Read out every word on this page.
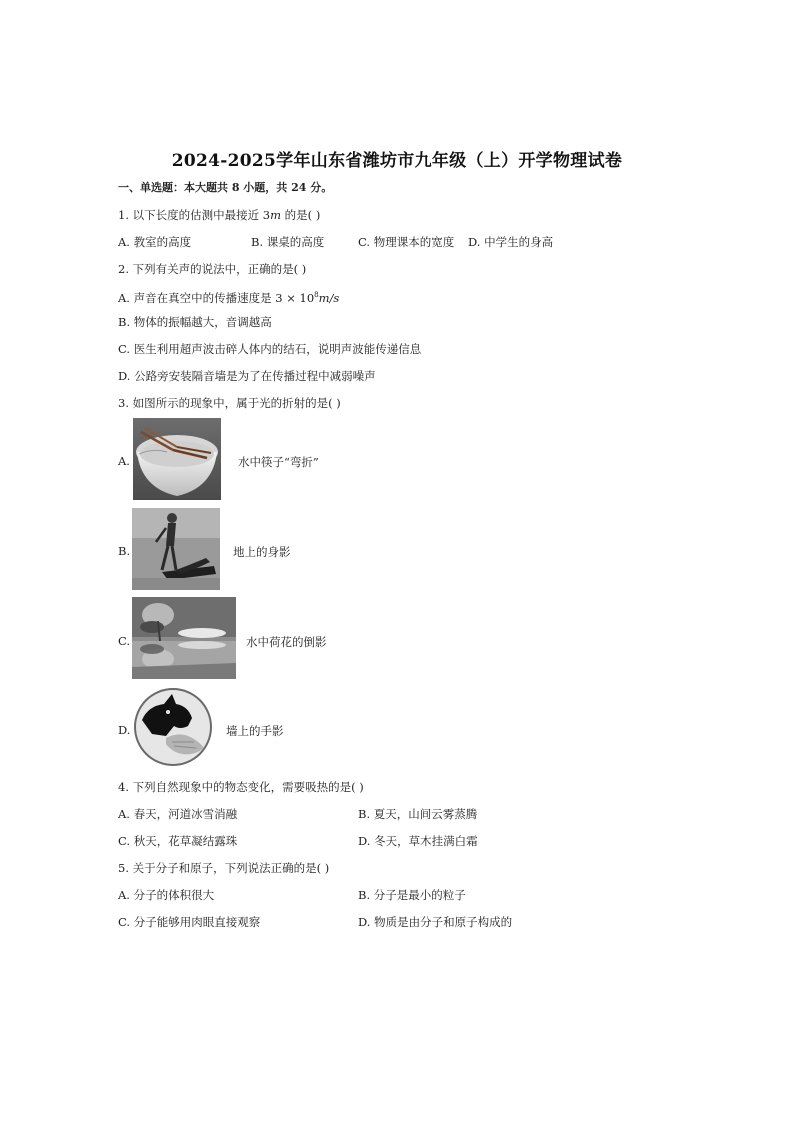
2024-2025学年山东省潍坊市九年级（上）开学物理试卷
一、单选题：本大题共 8 小题，共 24 分。
1. 以下长度的估测中最接近 3m 的是( )
A. 教室的高度	B. 课桌的高度	C. 物理课本的宽度 D. 中学生的身高
2. 下列有关声的说法中，正确的是( )
A. 声音在真空中的传播速度是 $3 \times 10^8m/s$
B. 物体的振幅越大，音调越高
C. 医生利用超声波击碎人体内的结石，说明声波能传递信息
D. 公路旁安装隔音墙是为了在传播过程中减弱噪声
3. 如图所示的现象中，属于光的折射的是( )
A.	水中筷子“弯折”
B.	地上的身影
C.	水中荷花的倒影
D.	墙上的手影
4. 下列自然现象中的物态变化，需要吸热的是( )
A. 春天，河道冰雪消融	B. 夏天，山间云雾蒸腾
C. 秋天，花草凝结露珠	D. 冬天，草木挂满白霜
5. 关于分子和原子，下列说法正确的是( )
A. 分子的体积很大	B. 分子是最小的粒子
C. 分子能够用肉眼直接观察	D. 物质是由分子和原子构成的
